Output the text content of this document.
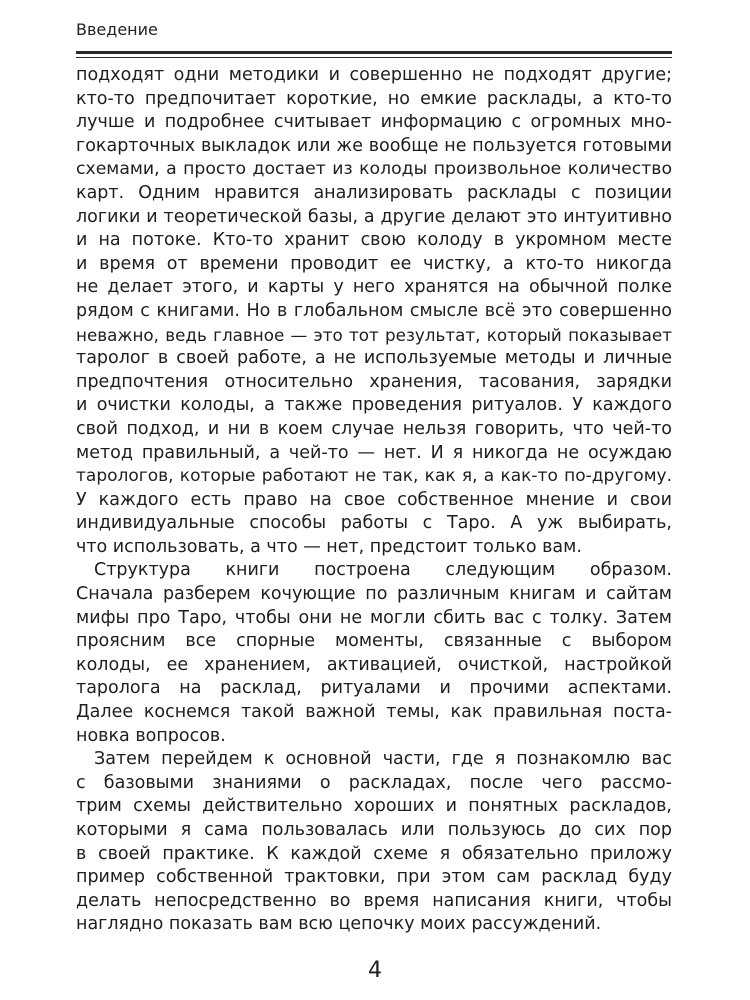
Введение
подходят одни методики и совершенно не подходят другие;
кто-то предпочитает короткие, но емкие расклады, а кто-то
лучше и подробнее считывает информацию с огромных мно-
гокарточных выкладок или же вообще не пользуется готовыми
схемами, а просто достает из колоды произвольное количество
карт. Одним нравится анализировать расклады с позиции
логики и теоретической базы, а другие делают это интуитивно
и на потоке. Кто-то хранит свою колоду в укромном месте
и время от времени проводит ее чистку, а кто-то никогда
не делает этого, и карты у него хранятся на обычной полке
рядом с книгами. Но в глобальном смысле всё это совершенно
неважно, ведь главное — это тот результат, который показывает
таролог в своей работе, а не используемые методы и личные
предпочтения относительно хранения, тасования, зарядки
и очистки колоды, а также проведения ритуалов. У каждого
свой подход, и ни в коем случае нельзя говорить, что чей-то
метод правильный, а чей-то — нет. И я никогда не осуждаю
тарологов, которые работают не так, как я, а как-то по-другому.
У каждого есть право на свое собственное мнение и свои
индивидуальные способы работы с Таро. А уж выбирать,
что использовать, а что — нет, предстоит только вам.
Структура книги построена следующим образом.
Сначала разберем кочующие по различным книгам и сайтам
мифы про Таро, чтобы они не могли сбить вас с толку. Затем
проясним все спорные моменты, связанные с выбором
колоды, ее хранением, активацией, очисткой, настройкой
таролога на расклад, ритуалами и прочими аспектами.
Далее коснемся такой важной темы, как правильная поста-
новка вопросов.
Затем перейдем к основной части, где я познакомлю вас
с базовыми знаниями о раскладах, после чего рассмо-
трим схемы действительно хороших и понятных раскладов,
которыми я сама пользовалась или пользуюсь до сих пор
в своей практике. К каждой схеме я обязательно приложу
пример собственной трактовки, при этом сам расклад буду
делать непосредственно во время написания книги, чтобы
наглядно показать вам всю цепочку моих рассуждений.
4
